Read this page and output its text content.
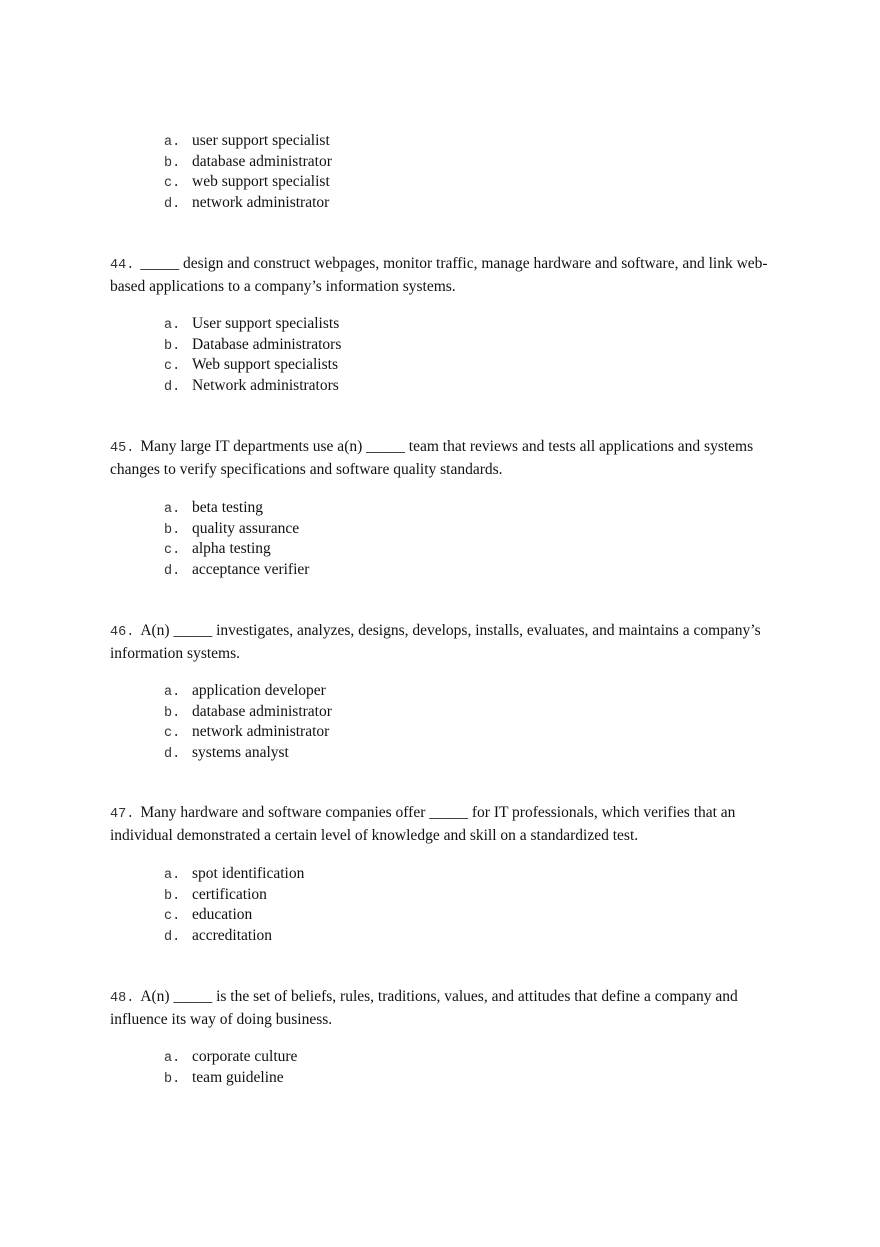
a. user support specialist
b. database administrator
c. web support specialist
d. network administrator
44. _____ design and construct webpages, monitor traffic, manage hardware and software, and link web-based applications to a company’s information systems.
a. User support specialists
b. Database administrators
c. Web support specialists
d. Network administrators
45. Many large IT departments use a(n) _____ team that reviews and tests all applications and systems changes to verify specifications and software quality standards.
a. beta testing
b. quality assurance
c. alpha testing
d. acceptance verifier
46. A(n) _____ investigates, analyzes, designs, develops, installs, evaluates, and maintains a company’s information systems.
a. application developer
b. database administrator
c. network administrator
d. systems analyst
47. Many hardware and software companies offer _____ for IT professionals, which verifies that an individual demonstrated a certain level of knowledge and skill on a standardized test.
a. spot identification
b. certification
c. education
d. accreditation
48. A(n) _____ is the set of beliefs, rules, traditions, values, and attitudes that define a company and influence its way of doing business.
a. corporate culture
b. team guideline
